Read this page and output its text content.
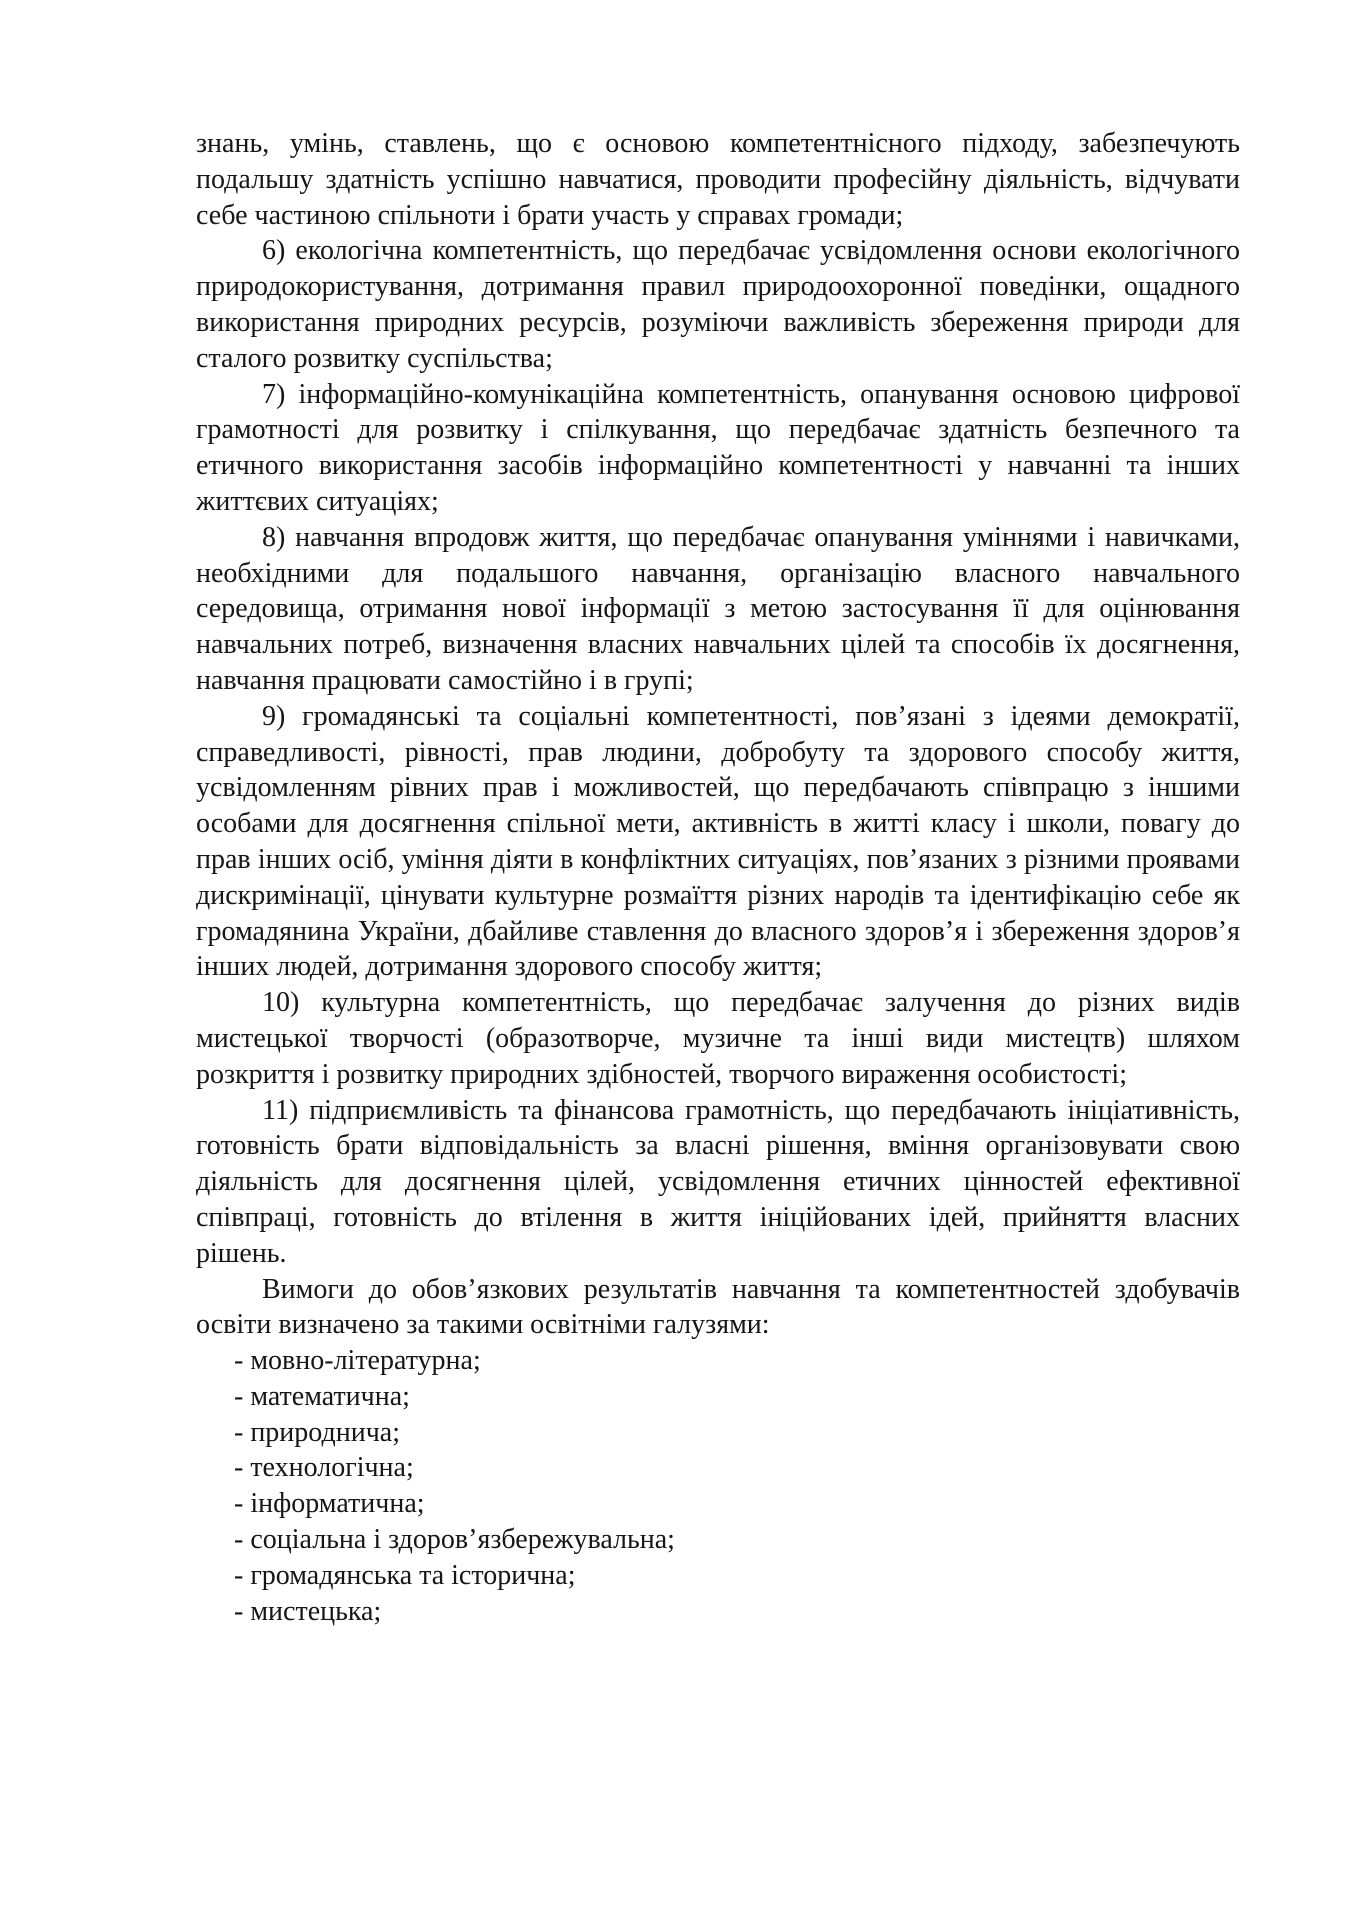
знань, умінь, ставлень, що є основою компетентнісного підходу, забезпечують подальшу здатність успішно навчатися, проводити професійну діяльність, відчувати себе частиною спільноти і брати участь у справах громади;

6) екологічна компетентність, що передбачає усвідомлення основи екологічного природокористування, дотримання правил природоохоронної поведінки, ощадного використання природних ресурсів, розуміючи важливість збереження природи для сталого розвитку суспільства;

7) інформаційно-комунікаційна компетентність, опанування основою цифрової грамотності для розвитку і спілкування, що передбачає здатність безпечного та етичного використання засобів інформаційно компетентності у навчанні та інших життєвих ситуаціях;

8) навчання впродовж життя, що передбачає опанування уміннями і навичками, необхідними для подальшого навчання, організацію власного навчального середовища, отримання нової інформації з метою застосування її для оцінювання навчальних потреб, визначення власних навчальних цілей та способів їх досягнення, навчання працювати самостійно і в групі;

9) громадянські та соціальні компетентності, пов’язані з ідеями демократії, справедливості, рівності, прав людини, добробуту та здорового способу життя, усвідомленням рівних прав і можливостей, що передбачають співпрацю з іншими особами для досягнення спільної мети, активність в житті класу і школи, повагу до прав інших осіб, уміння діяти в конфліктних ситуаціях, пов’язаних з різними проявами дискримінації, цінувати культурне розмаїття різних народів та ідентифікацію себе як громадянина України, дбайливе ставлення до власного здоров’я і збереження здоров’я інших людей, дотримання здорового способу життя;

10) культурна компетентність, що передбачає залучення до різних видів мистецької творчості (образотворче, музичне та інші види мистецтв) шляхом розкриття і розвитку природних здібностей, творчого вираження особистості;

11) підприємливість та фінансова грамотність, що передбачають ініціативність, готовність брати відповідальність за власні рішення, вміння організовувати свою діяльність для досягнення цілей, усвідомлення етичних цінностей ефективної співпраці, готовність до втілення в життя ініційованих ідей, прийняття власних рішень.

Вимоги до обов’язкових результатів навчання та компетентностей здобувачів освіти визначено за такими освітніми галузями:

- мовно-літературна;
- математична;
- природнича;
- технологічна;
- інформатична;
- соціальна і здоров’язбережувальна;
- громадянська та історична;
- мистецька;
